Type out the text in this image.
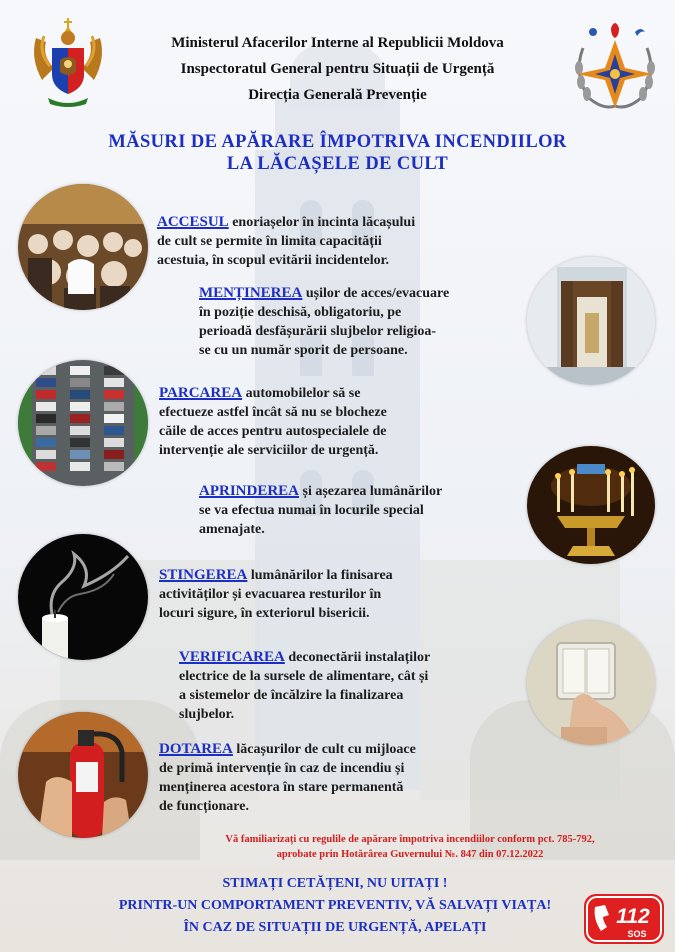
Ministerul Afacerilor Interne al Republicii Moldova
Inspectoratul General pentru Situații de Urgență
Direcția Generală Prevenție
MĂSURI DE APĂRARE ÎMPOTRIVA INCENDIILOR
LA LĂCAȘELE DE CULT
ACCESUL enoriașelor în incinta lăcașului
de cult se permite în limita capacității
acestuia, în scopul evitării incidentelor.
MENȚINEREA ușilor de acces/evacuare
în poziție deschisă, obligatoriu, pe
perioadă desfășurării slujbelor religioa-
se cu un număr sporit de persoane.
PARCAREA automobilelor să se
efectueze astfel încât să nu se blocheze
căile de acces pentru autospecialele de
intervenție ale serviciilor de urgență.
APRINDEREA și așezarea lumânărilor
se va efectua numai în locurile special
amenajate.
STINGEREA lumânărilor la finisarea
activităților și evacuarea resturilor în
locuri sigure, în exteriorul bisericii.
VERIFICAREA deconectării instalaților
electrice de la sursele de alimentare, cât și
a sistemelor de încălzire la finalizarea
slujbelor.
DOTAREA lăcașurilor de cult cu mijloace
de primă intervenție în caz de incendiu și
menținerea acestora în stare permanentă
de funcționare.
Vă familiarizați cu regulile de apărare împotriva incendiilor conform pct. 785-792,
aprobate prin Hotărârea Guvernului №. 847 din 07.12.2022
STIMAȚI CETĂȚENI, NU UITAȚI !
PRINTR-UN COMPORTAMENT PREVENTIV, VĂ SALVAȚI VIAȚA!
ÎN CAZ DE SITUAȚII DE URGENȚĂ, APELAȚI	112
SOS
